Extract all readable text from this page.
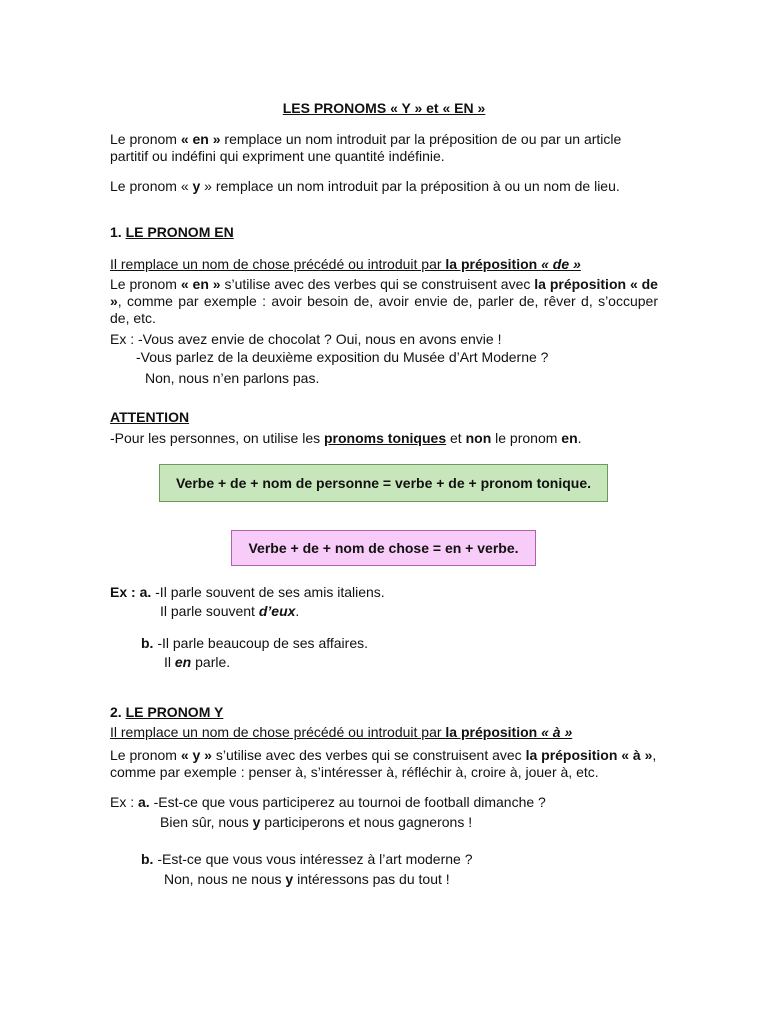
LES PRONOMS « Y » et « EN »

Le pronom « en » remplace un nom introduit par la préposition de ou par un article partitif ou indéfini qui expriment une quantité indéfinie.

Le pronom « y » remplace un nom introduit par la préposition à ou un nom de lieu.

1. LE PRONOM EN

Il remplace un nom de chose précédé ou introduit par la préposition « de »

Le pronom « en » s’utilise avec des verbes qui se construisent avec la préposition « de », comme par exemple : avoir besoin de, avoir envie de, parler de, rêver d, s’occuper de, etc.

Ex : -Vous avez envie de chocolat ? Oui, nous en avons envie !

-Vous parlez de la deuxième exposition du Musée d’Art Moderne ?

Non, nous n’en parlons pas.

ATTENTION

-Pour les personnes, on utilise les pronoms toniques et non le pronom en.

Verbe + de + nom de personne = verbe + de + pronom tonique.
Verbe + de + nom de chose = en + verbe.

Ex : a. -Il parle souvent de ses amis italiens.

Il parle souvent d’eux.

b. -Il parle beaucoup de ses affaires.

Il en parle.

2. LE PRONOM Y

Il remplace un nom de chose précédé ou introduit par la préposition « à »

Le pronom « y » s’utilise avec des verbes qui se construisent avec la préposition « à », comme par exemple : penser à, s’intéresser à, réfléchir à, croire à, jouer à, etc.

Ex : a. -Est-ce que vous participerez au tournoi de football dimanche ?

Bien sûr, nous y participerons et nous gagnerons !

b. -Est-ce que vous vous intéressez à l’art moderne ?

Non, nous ne nous y intéressons pas du tout !
